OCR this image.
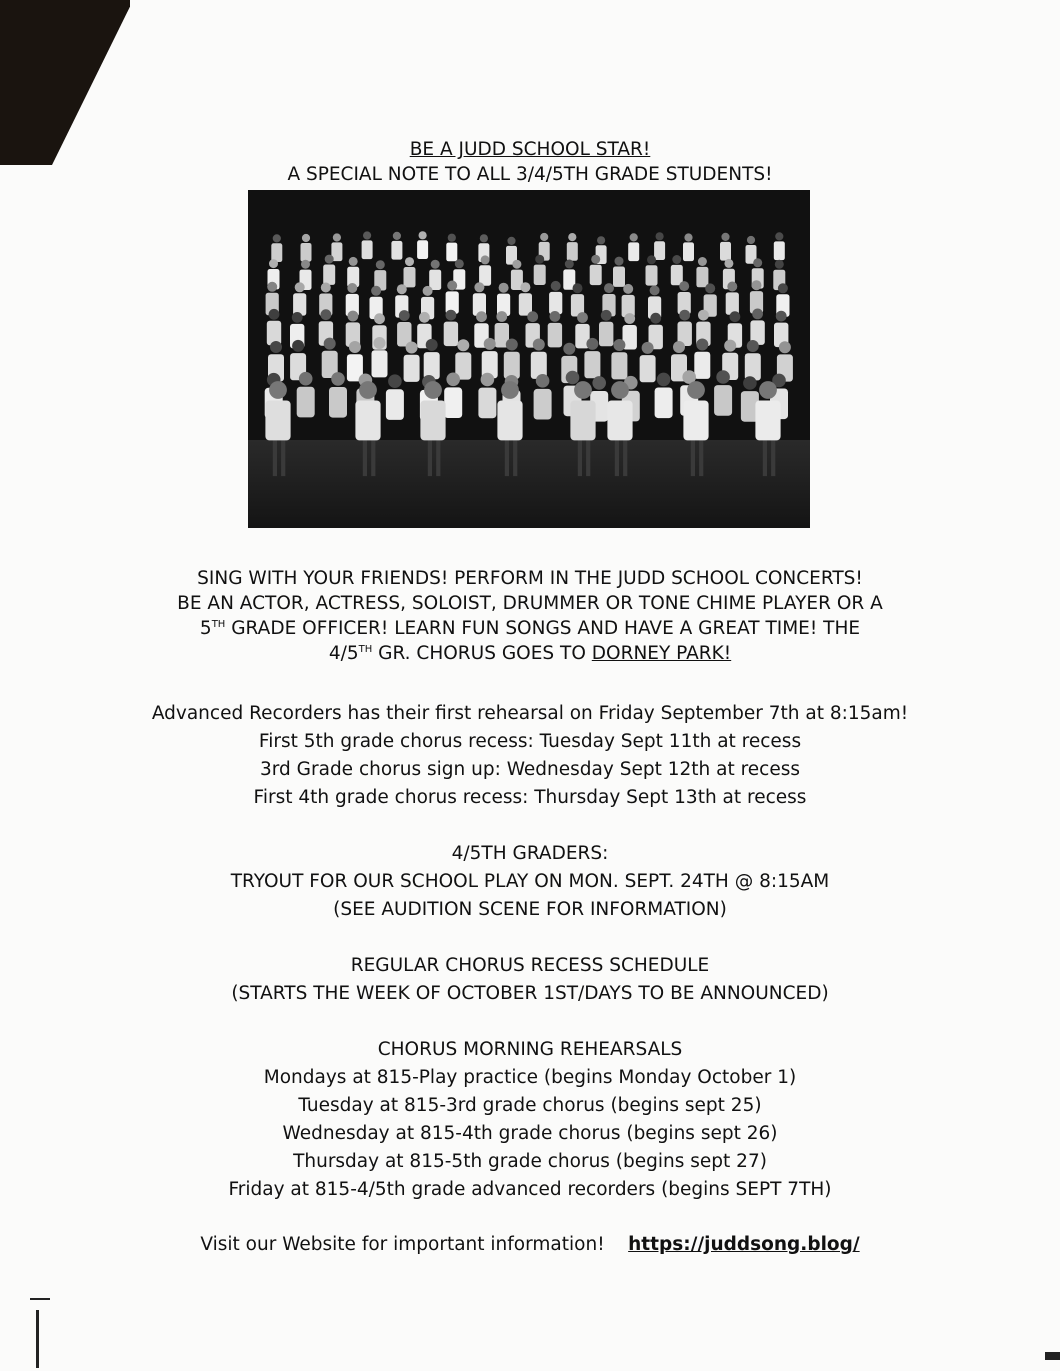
BE A JUDD SCHOOL STAR!
A SPECIAL NOTE TO ALL 3/4/5TH GRADE STUDENTS!
SING WITH YOUR FRIENDS! PERFORM IN THE JUDD SCHOOL CONCERTS!
BE AN ACTOR, ACTRESS, SOLOIST, DRUMMER OR TONE CHIME PLAYER OR A
5TH GRADE OFFICER! LEARN FUN SONGS AND HAVE A GREAT TIME! THE
4/5TH GR. CHORUS GOES TO DORNEY PARK!
Advanced Recorders has their first rehearsal on Friday September 7th at 8:15am!
First 5th grade chorus recess: Tuesday Sept 11th at recess
3rd Grade chorus sign up: Wednesday Sept 12th at recess
First 4th grade chorus recess: Thursday Sept 13th at recess
4/5TH GRADERS:
TRYOUT FOR OUR SCHOOL PLAY ON MON. SEPT. 24TH @ 8:15AM
(SEE AUDITION SCENE FOR INFORMATION)
REGULAR CHORUS RECESS SCHEDULE
(STARTS THE WEEK OF OCTOBER 1ST/DAYS TO BE ANNOUNCED)
CHORUS MORNING REHEARSALS
Mondays at 815-Play practice (begins Monday October 1)
Tuesday at 815-3rd grade chorus (begins sept 25)
Wednesday at 815-4th grade chorus (begins sept 26)
Thursday at 815-5th grade chorus (begins sept 27)
Friday at 815-4/5th grade advanced recorders (begins SEPT 7TH)
Visit our Website for important information! https://juddsong.blog/
